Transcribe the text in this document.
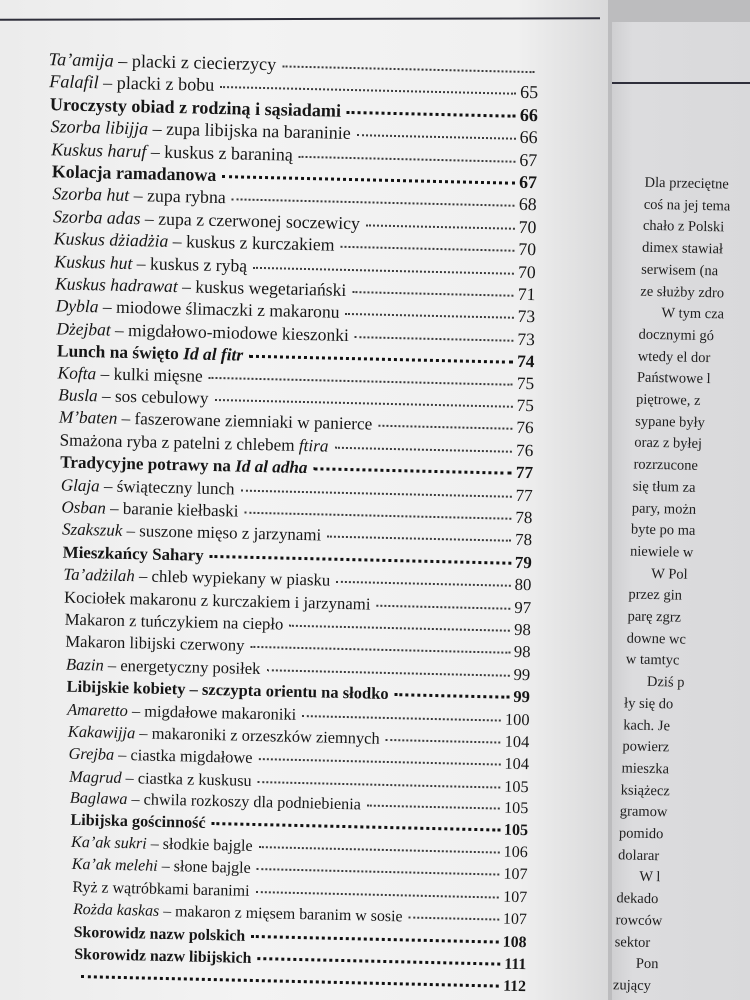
Ta’amija – placki z ciecierzycy
Falafil – placki z bobu	65
Uroczysty obiad z rodziną i sąsiadami	66
Szorba libijja – zupa libijska na baraninie	66
Kuskus haruf – kuskus z baraniną	67
Kolacja ramadanowa	67
Szorba hut – zupa rybna	68
Szorba adas – zupa z czerwonej soczewicy	70
Kuskus dżiadżia – kuskus z kurczakiem	70
Kuskus hut – kuskus z rybą	70
Kuskus hadrawat – kuskus wegetariański	71
Dybla – miodowe ślimaczki z makaronu	73
Dżejbat – migdałowo-miodowe kieszonki	73
Lunch na święto Id al fitr	74
Kofta – kulki mięsne	75
Busla – sos cebulowy	75
M’baten – faszerowane ziemniaki w panierce	76
Smażona ryba z patelni z chlebem ftira	76
Tradycyjne potrawy na Id al adha	77
Glaja – świąteczny lunch	77
Osban – baranie kiełbaski	78
Szakszuk – suszone mięso z jarzynami	78
Mieszkańcy Sahary	79
Ta’adżilah – chleb wypiekany w piasku	80
Kociołek makaronu z kurczakiem i jarzynami	97
Makaron z tuńczykiem na ciepło	98
Makaron libijski czerwony	98
Bazin – energetyczny posiłek	99
Libijskie kobiety – szczypta orientu na słodko	99
Amaretto – migdałowe makaroniki	100
Kakawijja – makaroniki z orzeszków ziemnych	104
Grejba – ciastka migdałowe	104
Magrud – ciastka z kuskusu	105
Baglawa – chwila rozkoszy dla podniebienia	105
Libijska gościnność	105
Ka’ak sukri – słodkie bajgle	106
Ka’ak melehi – słone bajgle	107
Ryż z wątróbkami baranimi	107
Rożda kaskas – makaron z mięsem baranim w sosie	107
Skorowidz nazw polskich	108
Skorowidz nazw libijskich	111
112
Dla przeciętne
coś na jej tema
chało z Polski
dimex stawiał
serwisem (na
ze służby zdro
W tym cza
docznymi gó
wtedy el dor
Państwowe l
piętrowe, z
sypane były
oraz z byłej
rozrzucone
się tłum za
pary, możn
byte po ma
niewiele w
W Pol
przez gin
parę zgrz
downe wc
w tamtyc
Dziś p
ły się do
kach. Je
powierz
mieszka
książecz
gramow
pomido
dolarar
W l
dekado
rowców
sektor
Pon
zujący
